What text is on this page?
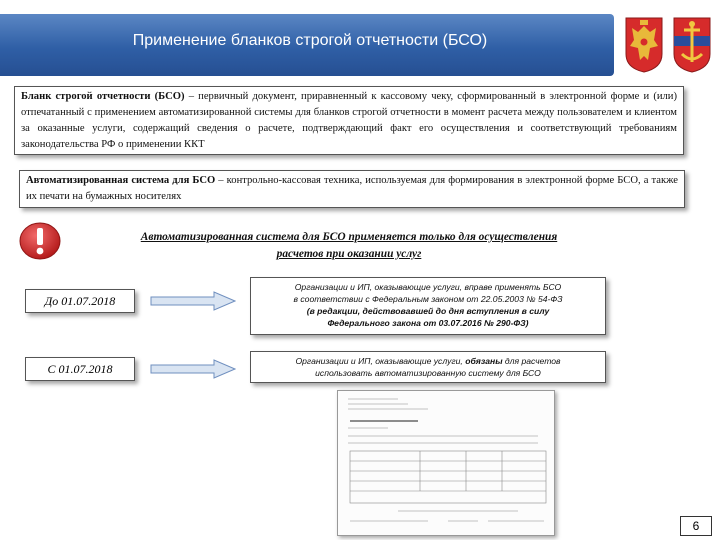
Применение бланков строгой отчетности (БСО)
Бланк строгой отчетности (БСО) – первичный документ, приравненный к кассовому чеку, сформированный в электронной форме и (или) отпечатанный с применением автоматизированной системы для бланков строгой отчетности в момент расчета между пользователем и клиентом за оказанные услуги, содержащий сведения о расчете, подтверждающий факт его осуществления и соответствующий требованиям законодательства РФ о применении ККТ
Автоматизированная система для БСО – контрольно-кассовая техника, используемая для формирования в электронной форме БСО, а также их печати на бумажных носителях
Автоматизированная система для БСО применяется только для осуществления
расчетов при оказании услуг
До 01.07.2018
Организации и ИП, оказывающие услуги, вправе применять БСО
в соответствии с Федеральным законом от 22.05.2003 № 54-ФЗ
(в редакции, действовавшей до дня вступления в силу
Федерального закона от 03.07.2016 № 290-ФЗ)
С 01.07.2018
Организации и ИП, оказывающие услуги, обязаны для расчетов
использовать автоматизированную систему для БСО
6
